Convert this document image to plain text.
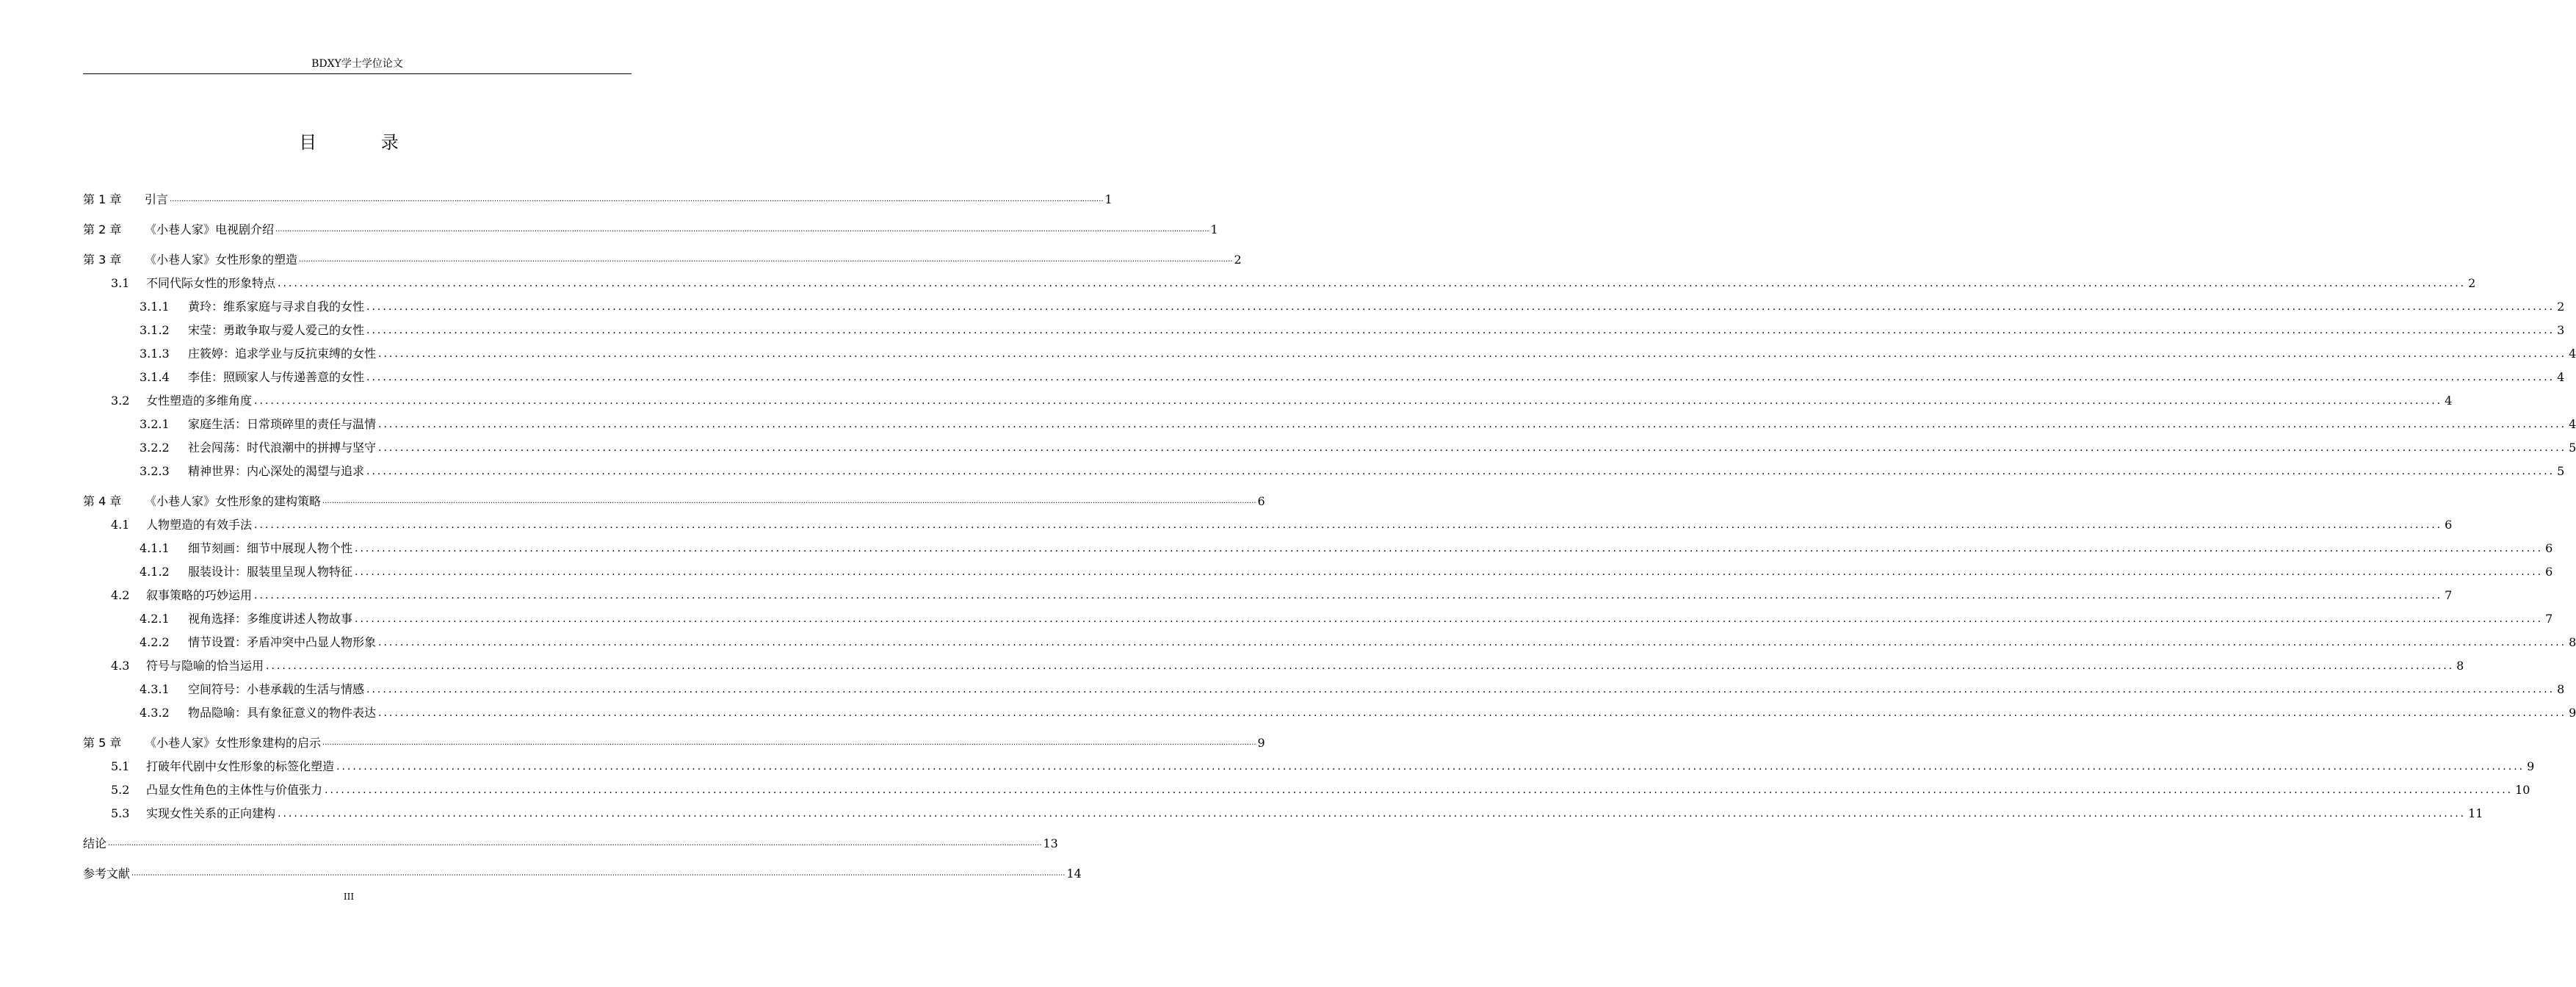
BDXY学士学位论文
目 录
第 1 章	引言 ................................................................................................................................................................................................................................................................................................................................................................................................................ 1
第 2 章	《小巷人家》电视剧介绍 ................................................................................................................................................................................................................................................................................................................................................................................................................ 1
第 3 章	《小巷人家》女性形象的塑造 ................................................................................................................................................................................................................................................................................................................................................................................................................ 2
3.1	不同代际女性的形象特点 ................................................................................................................................................................................................................................................................................................................................................................................................................ 2
3.1.1	黄玲：维系家庭与寻求自我的女性 ................................................................................................................................................................................................................................................................................................................................................................................................................ 2
3.1.2	宋莹：勇敢争取与爱人爱己的女性 ................................................................................................................................................................................................................................................................................................................................................................................................................ 3
3.1.3	庄筱婷：追求学业与反抗束缚的女性 ................................................................................................................................................................................................................................................................................................................................................................................................................ 4
3.1.4	李佳：照顾家人与传递善意的女性 ................................................................................................................................................................................................................................................................................................................................................................................................................ 4
3.2	女性塑造的多维角度 ................................................................................................................................................................................................................................................................................................................................................................................................................ 4
3.2.1	家庭生活：日常琐碎里的责任与温情 ................................................................................................................................................................................................................................................................................................................................................................................................................ 4
3.2.2	社会闯荡：时代浪潮中的拼搏与坚守 ................................................................................................................................................................................................................................................................................................................................................................................................................ 5
3.2.3	精神世界：内心深处的渴望与追求 ................................................................................................................................................................................................................................................................................................................................................................................................................ 5
第 4 章	《小巷人家》女性形象的建构策略 ................................................................................................................................................................................................................................................................................................................................................................................................................ 6
4.1	人物塑造的有效手法 ................................................................................................................................................................................................................................................................................................................................................................................................................ 6
4.1.1	细节刻画：细节中展现人物个性 ................................................................................................................................................................................................................................................................................................................................................................................................................ 6
4.1.2	服装设计：服装里呈现人物特征 ................................................................................................................................................................................................................................................................................................................................................................................................................ 6
4.2	叙事策略的巧妙运用 ................................................................................................................................................................................................................................................................................................................................................................................................................ 7
4.2.1	视角选择：多维度讲述人物故事 ................................................................................................................................................................................................................................................................................................................................................................................................................ 7
4.2.2	情节设置：矛盾冲突中凸显人物形象 ................................................................................................................................................................................................................................................................................................................................................................................................................ 8
4.3	符号与隐喻的恰当运用 ................................................................................................................................................................................................................................................................................................................................................................................................................ 8
4.3.1	空间符号：小巷承载的生活与情感 ................................................................................................................................................................................................................................................................................................................................................................................................................ 8
4.3.2	物品隐喻：具有象征意义的物件表达 ................................................................................................................................................................................................................................................................................................................................................................................................................ 9
第 5 章	《小巷人家》女性形象建构的启示 ................................................................................................................................................................................................................................................................................................................................................................................................................ 9
5.1	打破年代剧中女性形象的标签化塑造 ................................................................................................................................................................................................................................................................................................................................................................................................................ 9
5.2	凸显女性角色的主体性与价值张力 ................................................................................................................................................................................................................................................................................................................................................................................................................ 10
5.3	实现女性关系的正向建构 ................................................................................................................................................................................................................................................................................................................................................................................................................ 11
结论 ................................................................................................................................................................................................................................................................................................................................................................................................................ 13
参考文献 ................................................................................................................................................................................................................................................................................................................................................................................................................ 14
III
